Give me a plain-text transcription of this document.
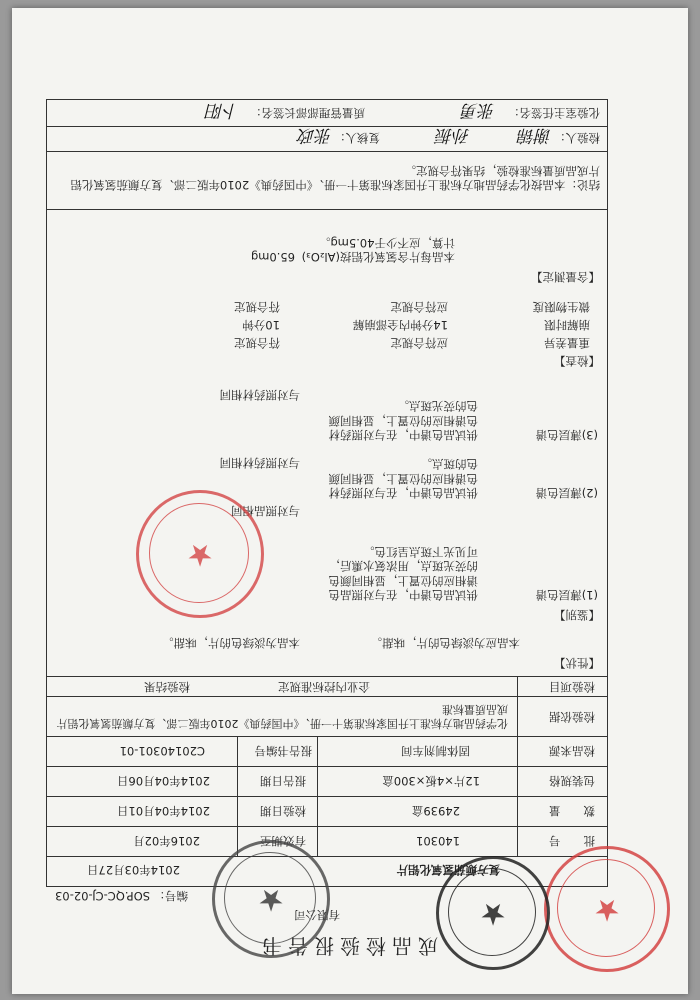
成品检验报告书
有限公司
编号：
SOP.QC-CJ-02-03
复方颠茄氢氧化铝片
2014年03月27日
批　　号
140301
有效期至
2016年02月
数　　量
24939盒
检验日期
2014年04月01日
包装规格
12片×4板×300盒
报告日期
2014年04月06日
检品来源
固体制剂车间
报告书编号
C20140301-01
检验依据
化学药品地方标准上升国家标准第十一册、《中国药典》2010年版二部、复方颠茄氢氧化铝片成品质量标准
检验项目
企业内控标准规定
检验结果
【性状】
本品应为淡绿色的片，味甜。
本品为淡绿色的片，味甜。
【鉴别】
(1)薄层色谱
供试品色谱中，在与对照品色谱相应的位置上，显相同颜色的荧光斑点，用浓氨水熏后，可见光下斑点呈红色。
与对照品相同
(2)薄层色谱
供试品色谱中，在与对照药材色谱相应的位置上，显相同颜色的斑点。
与对照药材相同
(3)薄层色谱
供试品色谱中，在与对照药材色谱相应的位置上，显相同颜色的荧光斑点。
与对照药材相同
【检查】
重量差异
应符合规定
符合规定
崩解时限
14分钟内全部崩解
10分钟
微生物限度
应符合规定
符合规定
【含量测定】
本品每片含氢氧化铝按(Al₂O₃)计算，应不少于40.5mg。
65.0mg
结论：本品按化学药品地方标准上升国家标准第十一册、《中国药典》2010年版二部、复方颠茄氢氧化铝片成品质量标准检验，结果符合规定。
检验人：
谢锦
孙振
复核人：
张政
化验室主任签名：
张勇
质量管理部部长签名：
卜阳
★
★	★
★
